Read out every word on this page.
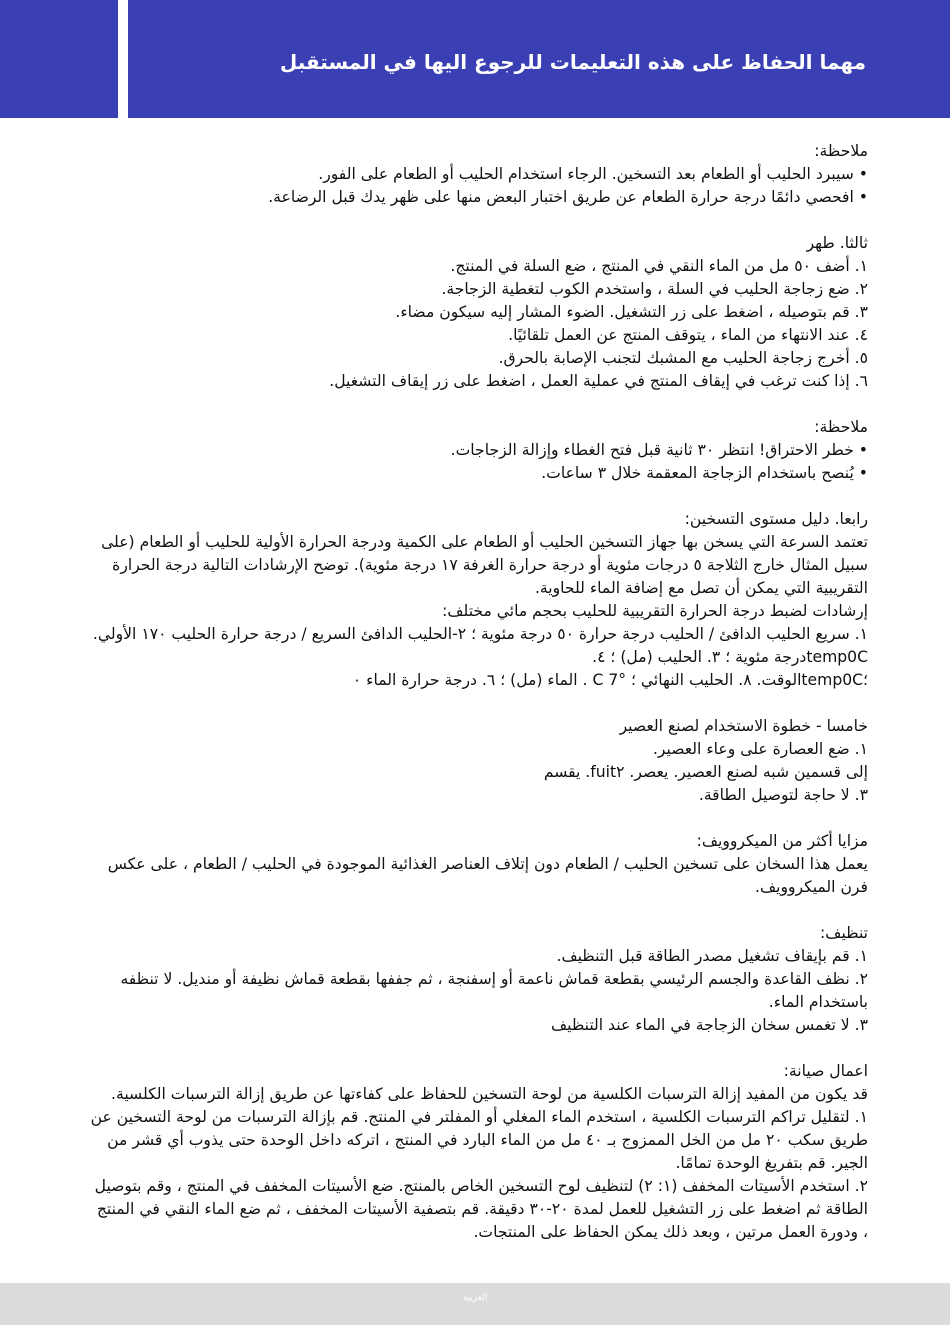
مهما الحفاظ على هذه التعليمات للرجوع اليها في المستقبل

ملاحظة:

• سيبرد الحليب أو الطعام بعد التسخين. الرجاء استخدام الحليب أو الطعام على الفور.

• افحصي دائمًا درجة حرارة الطعام عن طريق اختبار البعض منها على ظهر يدك قبل الرضاعة.

ثالثا. طهر

١. أضف ٥٠ مل من الماء النقي في المنتج ، ضع السلة في المنتج.

٢. ضع زجاجة الحليب في السلة ، واستخدم الكوب لتغطية الزجاجة.

٣. قم بتوصيله ، اضغط على زر التشغيل. الضوء المشار إليه سيكون مضاء.

٤. عند الانتهاء من الماء ، يتوقف المنتج عن العمل تلقائيًا.

٥. أخرج زجاجة الحليب مع المشبك لتجنب الإصابة بالحرق.

٦. إذا كنت ترغب في إيقاف المنتج في عملية العمل ، اضغط على زر إيقاف التشغيل.

ملاحظة:

• خطر الاحتراق! انتظر ٣٠ ثانية قبل فتح الغطاء وإزالة الزجاجات.

• يُنصح باستخدام الزجاجة المعقمة خلال ٣ ساعات.

رابعا. دليل مستوى التسخين:

تعتمد السرعة التي يسخن بها جهاز التسخين الحليب أو الطعام على الكمية ودرجة الحرارة الأولية للحليب أو الطعام (على سبيل المثال خارج الثلاجة ٥ درجات مئوية أو درجة حرارة الغرفة ١٧ درجة مئوية). توضح الإرشادات التالية درجة الحرارة التقريبية التي يمكن أن تصل مع إضافة الماء للحاوية.

إرشادات لضبط درجة الحرارة التقريبية للحليب بحجم مائي مختلف:

١. سريع الحليب الدافئ / الحليب درجة حرارة ٥٠ درجة مئوية ؛ ٢-الحليب الدافئ السريع / درجة حرارة الحليب ١٧٠ الأولي. temp0Cدرجة مئوية ؛ ٣. الحليب (مل) ؛ ٤.

؛temp0Cالوقت. ٨. الحليب النهائي ؛ C 7° . الماء (مل) ؛ ٦. درجة حرارة الماء ٠

خامسا - خطوة الاستخدام لصنع العصير

١. ضع العصارة على وعاء العصير.

إلى قسمين شبه لصنع العصير. يعصر. fuit٢. يقسم

٣. لا حاجة لتوصيل الطاقة.

مزايا أكثر من الميكروويف:

يعمل هذا السخان على تسخين الحليب / الطعام دون إتلاف العناصر الغذائية الموجودة في الحليب / الطعام ، على عكس فرن الميكروويف.

تنظيف:

١. قم بإيقاف تشغيل مصدر الطاقة قبل التنظيف.

٢. نظف القاعدة والجسم الرئيسي بقطعة قماش ناعمة أو إسفنجة ، ثم جففها بقطعة قماش نظيفة أو منديل. لا تنظفه باستخدام الماء.

٣. لا تغمس سخان الزجاجة في الماء عند التنظيف

اعمال صيانة:

قد يكون من المفيد إزالة الترسبات الكلسية من لوحة التسخين للحفاظ على كفاءتها عن طريق إزالة الترسبات الكلسية.

١. لتقليل تراكم الترسبات الكلسية ، استخدم الماء المغلي أو المفلتر في المنتج. قم بإزالة الترسبات من لوحة التسخين عن طريق سكب ٢٠ مل من الخل الممزوج بـ ٤٠ مل من الماء البارد في المنتج ، اتركه داخل الوحدة حتى يذوب أي قشر من الجير. قم بتفريغ الوحدة تمامًا.

٢. استخدم الأسيتات المخفف (١: ٢) لتنظيف لوح التسخين الخاص بالمنتج. ضع الأسيتات المخفف في المنتج ، وقم بتوصيل الطاقة ثم اضغط على زر التشغيل للعمل لمدة ٢٠-٣٠ دقيقة. قم بتصفية الأسيتات المخفف ، ثم ضع الماء النقي في المنتج ، ودورة العمل مرتين ، وبعد ذلك يمكن الحفاظ على المنتجات.

العربية
